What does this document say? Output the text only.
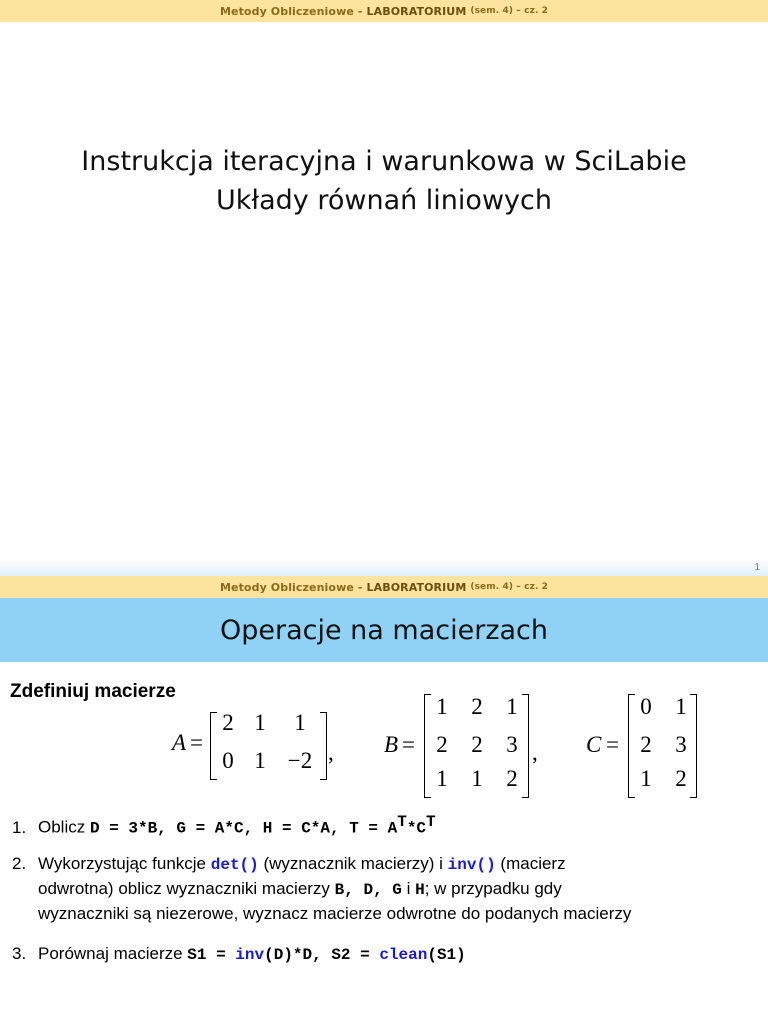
Metody Obliczeniowe - LABORATORIUM (sem. 4) – cz. 2
Instrukcja iteracyjna i warunkowa w SciLabie
Układy równań liniowych
1
Metody Obliczeniowe - LABORATORIUM (sem. 4) – cz. 2
Operacje na macierzach
Zdefiniuj macierze
A =
2 1 1
0 1 −2 , B =
1 2 1
2 2 3
1 1 2
, C =
0 1
2 3
1 2
1. Oblicz D = 3*B, G = A*C, H = C*A, $T = A^T*C^T$
2. Wykorzystując funkcje det() (wyznacznik macierzy) i inv() (macierz
odwrotna) oblicz wyznaczniki macierzy B, D, G i H; w przypadku gdy
wyznaczniki są niezerowe, wyznacz macierze odwrotne do podanych macierzy
3. Porównaj macierze S1 = inv(D)*D, S2 = clean(S1)
